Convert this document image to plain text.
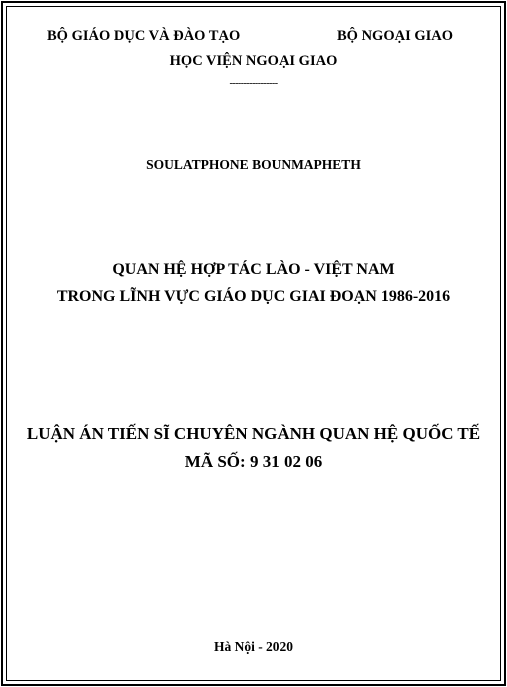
BỘ GIÁO DỤC VÀ ĐÀO TẠO	BỘ NGOẠI GIAO
HỌC VIỆN NGOẠI GIAO
-----------------
SOULATPHONE BOUNMAPHETH
QUAN HỆ HỢP TÁC LÀO - VIỆT NAM
TRONG LĨNH VỰC GIÁO DỤC GIAI ĐOẠN 1986-2016
LUẬN ÁN TIẾN SĨ CHUYÊN NGÀNH QUAN HỆ QUỐC TẾ
MÃ SỐ: 9 31 02 06
Hà Nội - 2020
